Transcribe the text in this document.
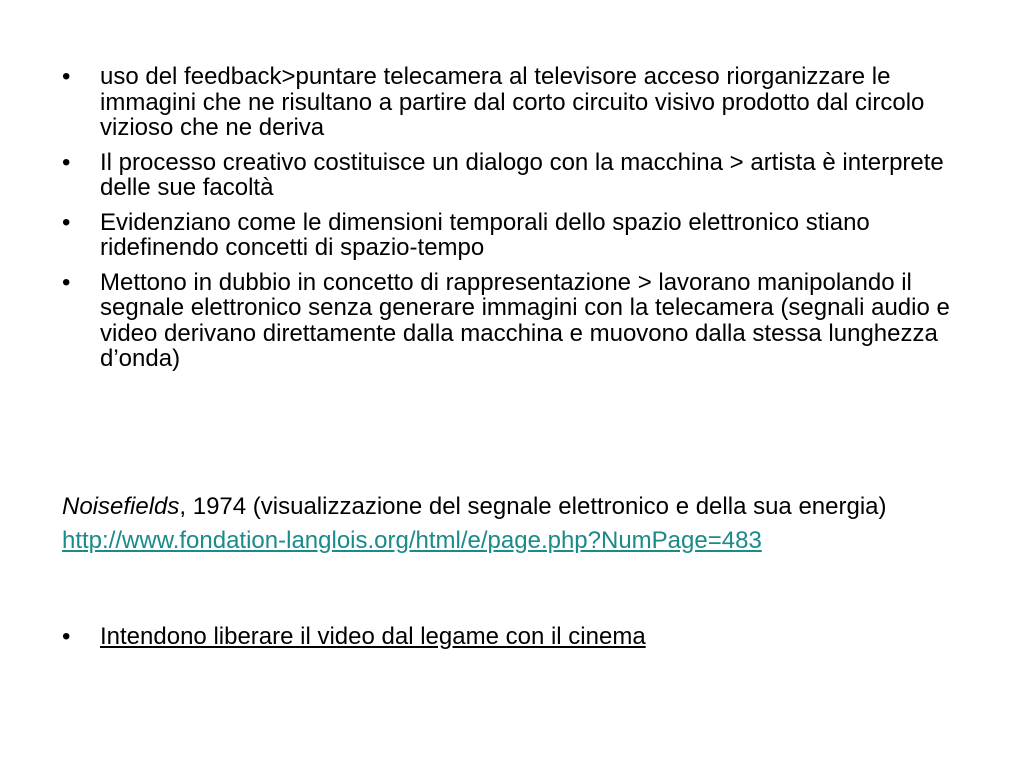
•	uso del feedback>puntare telecamera al televisore acceso riorganizzare le immagini che ne risultano a partire dal corto circuito visivo prodotto dal circolo vizioso che ne deriva
•	Il processo creativo costituisce un dialogo con la macchina > artista è interprete delle sue facoltà
•	Evidenziano come le dimensioni temporali dello spazio elettronico stiano ridefinendo concetti di spazio-tempo
•	Mettono in dubbio in concetto di rappresentazione > lavorano manipolando il segnale elettronico senza generare immagini con la telecamera (segnali audio e video derivano direttamente dalla macchina e muovono dalla stessa lunghezza d’onda)
Noisefields, 1974 (visualizzazione del segnale elettronico e della sua energia)
http://www.fondation-langlois.org/html/e/page.php?NumPage=483
•	Intendono liberare il video dal legame con il cinema
